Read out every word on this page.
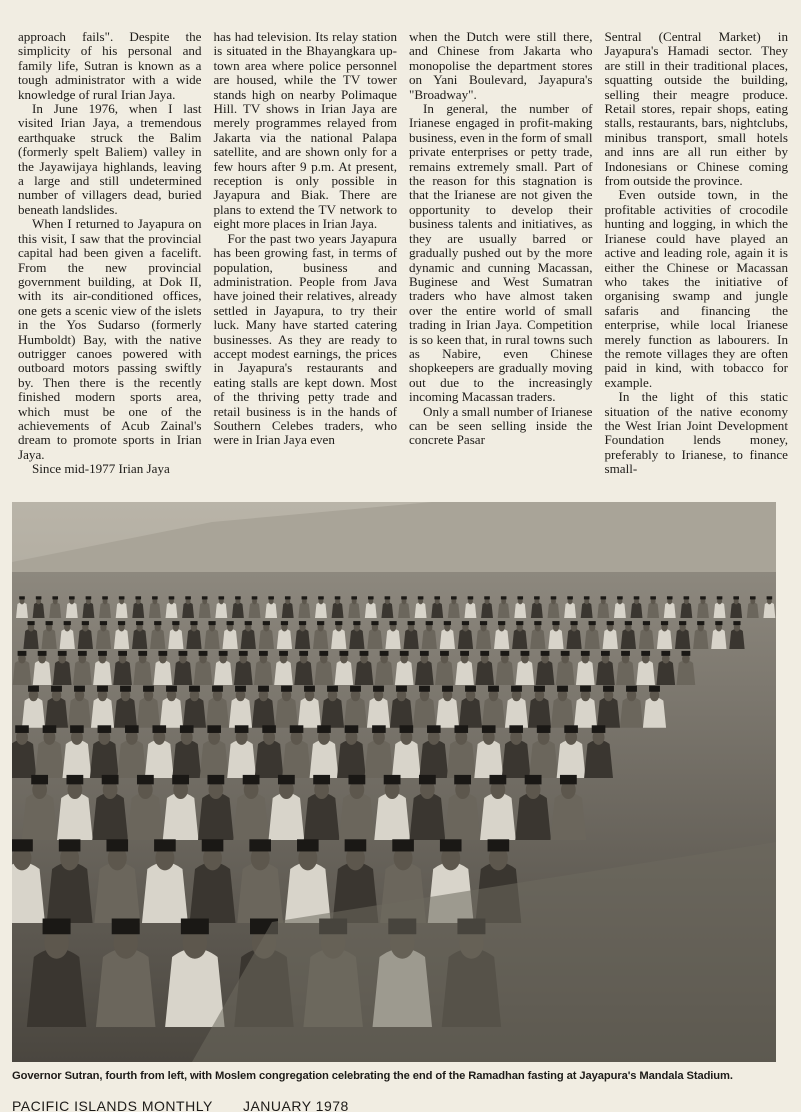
approach fails". Despite the simplicity of his personal and family life, Sutran is known as a tough administrator with a wide knowledge of rural Irian Jaya.

In June 1976, when I last visited Irian Jaya, a tremendous earthquake struck the Balim (formerly spelt Baliem) valley in the Jayawijaya highlands, leaving a large and still undetermined number of villagers dead, buried beneath landslides.

When I returned to Jayapura on this visit, I saw that the provincial capital had been given a facelift. From the new provincial government building, at Dok II, with its air-conditioned offices, one gets a scenic view of the islets in the Yos Sudarso (formerly Humboldt) Bay, with the native outrigger canoes powered with outboard motors passing swiftly by. Then there is the recently finished modern sports area, which must be one of the achievements of Acub Zainal's dream to promote sports in Irian Jaya.

Since mid-1977 Irian Jaya

has had television. Its relay station is situated in the Bhayangkara up-town area where police personnel are housed, while the TV tower stands high on nearby Polimaque Hill. TV shows in Irian Jaya are merely programmes relayed from Jakarta via the national Palapa satellite, and are shown only for a few hours after 9 p.m. At present, reception is only possible in Jayapura and Biak. There are plans to extend the TV network to eight more places in Irian Jaya.

For the past two years Jayapura has been growing fast, in terms of population, business and administration. People from Java have joined their relatives, already settled in Jayapura, to try their luck. Many have started catering businesses. As they are ready to accept modest earnings, the prices in Jayapura's restaurants and eating stalls are kept down. Most of the thriving petty trade and retail business is in the hands of Southern Celebes traders, who were in Irian Jaya even

when the Dutch were still there, and Chinese from Jakarta who monopolise the department stores on Yani Boulevard, Jayapura's "Broadway".

In general, the number of Irianese engaged in profit-making business, even in the form of small private enterprises or petty trade, remains extremely small. Part of the reason for this stagnation is that the Irianese are not given the opportunity to develop their business talents and initiatives, as they are usually barred or gradually pushed out by the more dynamic and cunning Macassan, Buginese and West Sumatran traders who have almost taken over the entire world of small trading in Irian Jaya. Competition is so keen that, in rural towns such as Nabire, even Chinese shopkeepers are gradually moving out due to the increasingly incoming Macassan traders.

Only a small number of Irianese can be seen selling inside the concrete Pasar

Sentral (Central Market) in Jayapura's Hamadi sector. They are still in their traditional places, squatting outside the building, selling their meagre produce. Retail stores, repair shops, eating stalls, restaurants, bars, nightclubs, minibus transport, small hotels and inns are all run either by Indonesians or Chinese coming from outside the province.

Even outside town, in the profitable activities of crocodile hunting and logging, in which the Irianese could have played an active and leading role, again it is either the Chinese or Macassan who takes the initiative of organising swamp and jungle safaris and financing the enterprise, while local Irianese merely function as labourers. In the remote villages they are often paid in kind, with tobacco for example.

In the light of this static situation of the native economy the West Irian Joint Development Foundation lends money, preferably to Irianese, to finance small-

Governor Sutran, fourth from left, with Moslem congregation celebrating the end of the Ramadhan fasting at Jayapura's Mandala Stadium.
PACIFIC ISLANDS MONTHLY JANUARY 1978
